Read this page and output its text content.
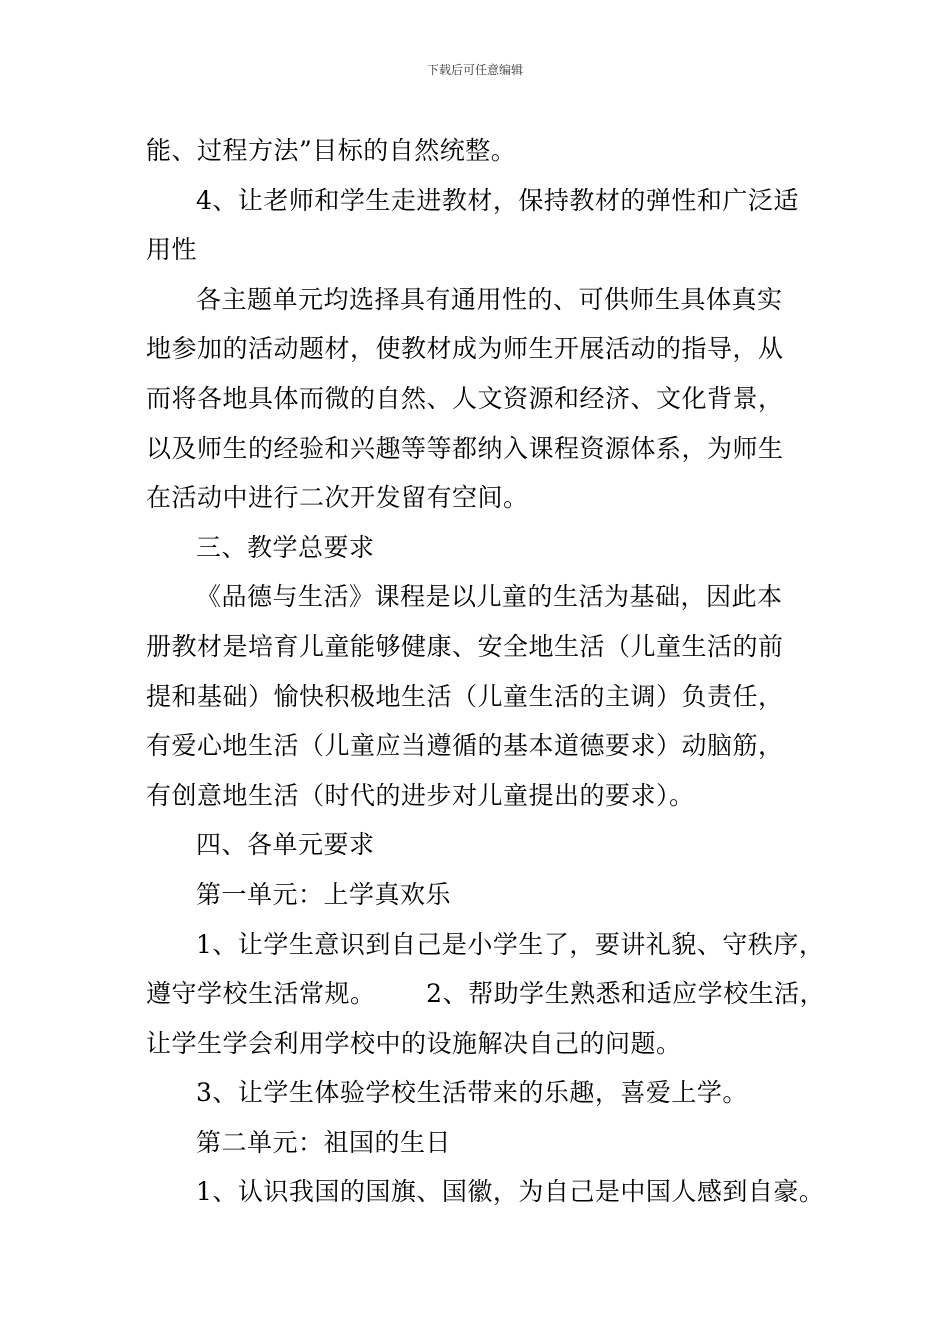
下载后可任意编辑
能、过程方法”目标的自然统整。
4、让老师和学生走进教材，保持教材的弹性和广泛适
用性
各主题单元均选择具有通用性的、可供师生具体真实
地参加的活动题材，使教材成为师生开展活动的指导，从
而将各地具体而微的自然、人文资源和经济、文化背景，
以及师生的经验和兴趣等等都纳入课程资源体系，为师生
在活动中进行二次开发留有空间。
三、教学总要求
《品德与生活》课程是以儿童的生活为基础，因此本
册教材是培育儿童能够健康、安全地生活（儿童生活的前
提和基础）愉快积极地生活（儿童生活的主调）负责任，
有爱心地生活（儿童应当遵循的基本道德要求）动脑筋，
有创意地生活（时代的进步对儿童提出的要求）。
四、各单元要求
第一单元：上学真欢乐
1、让学生意识到自己是小学生了，要讲礼貌、守秩序，
遵守学校生活常规。      2、帮助学生熟悉和适应学校生活，
让学生学会利用学校中的设施解决自己的问题。
3、让学生体验学校生活带来的乐趣，喜爱上学。
第二单元：祖国的生日
1、认识我国的国旗、国徽，为自己是中国人感到自豪。
